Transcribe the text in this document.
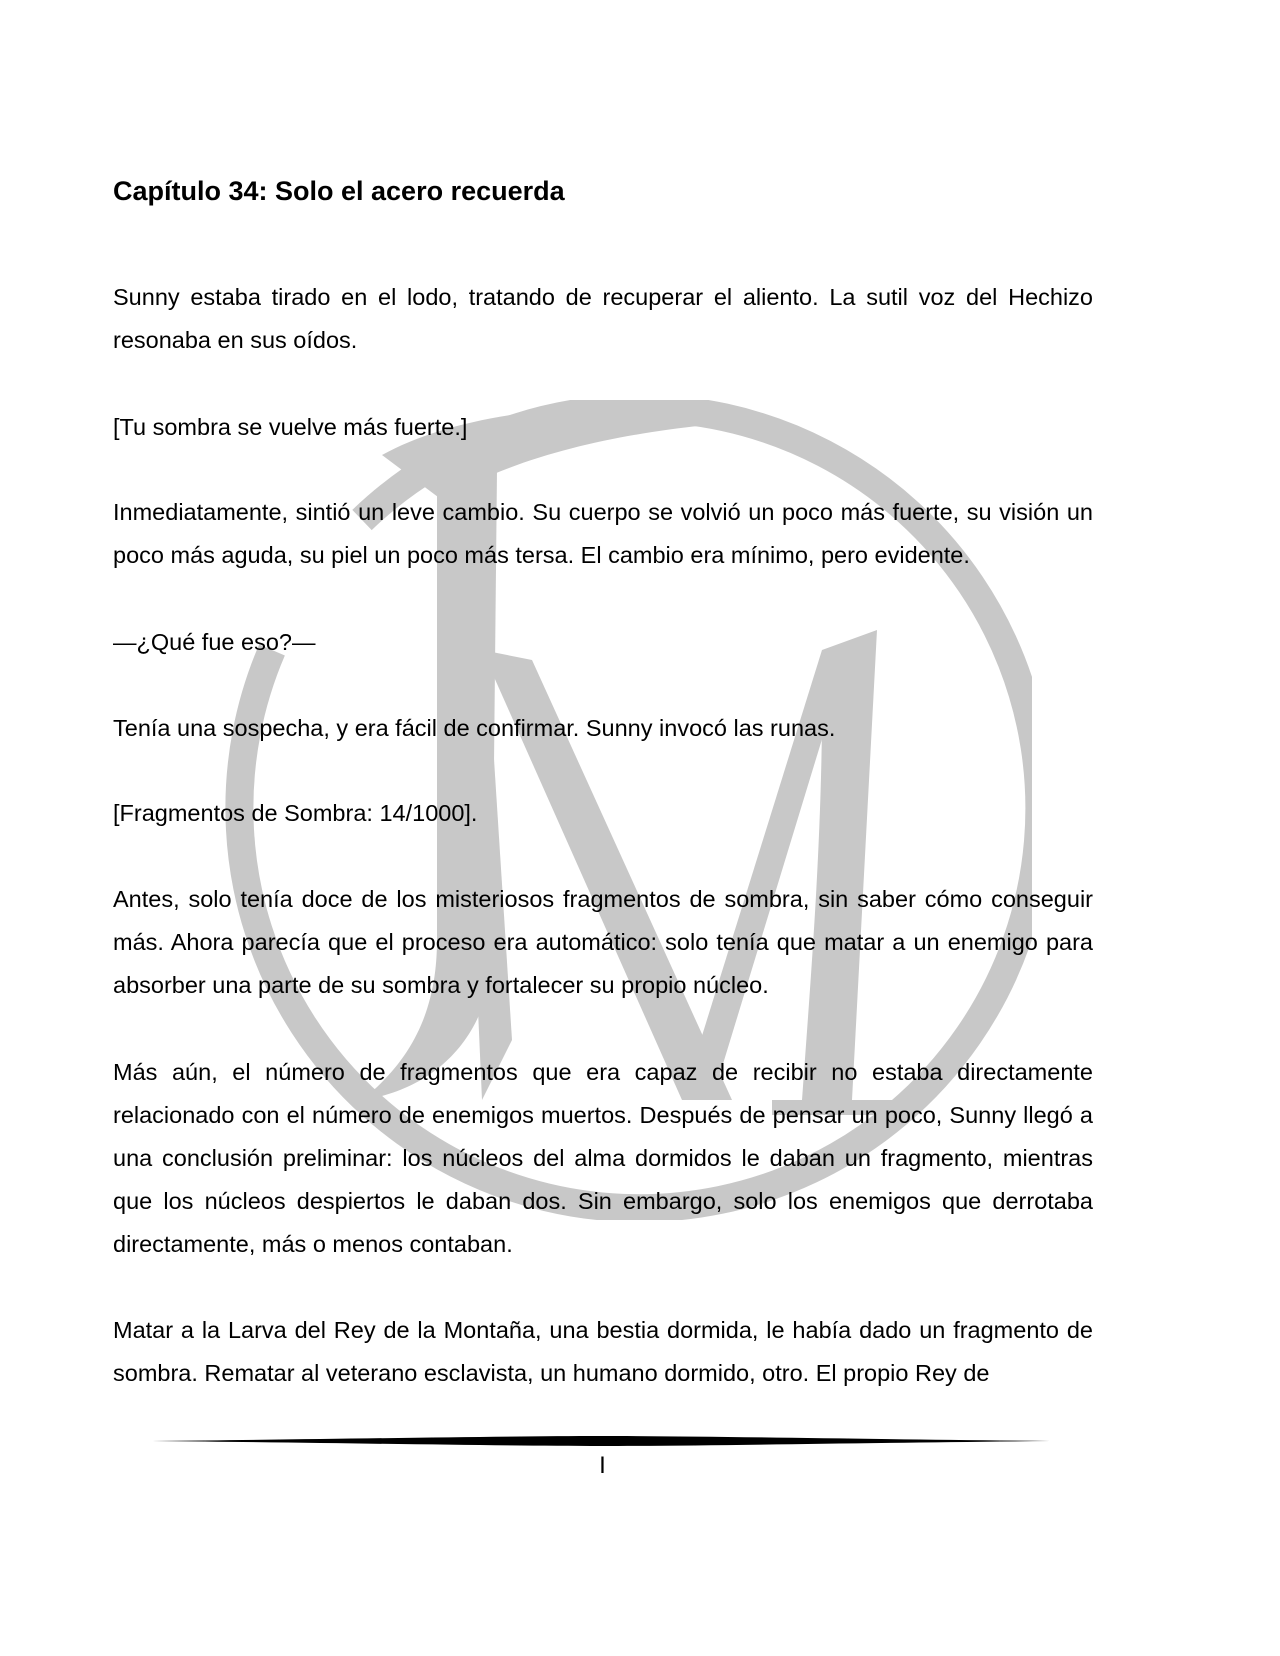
Capítulo 34: Solo el acero recuerda

Sunny estaba tirado en el lodo, tratando de recuperar el aliento. La sutil voz del Hechizo resonaba en sus oídos.

[Tu sombra se vuelve más fuerte.]

Inmediatamente, sintió un leve cambio. Su cuerpo se volvió un poco más fuerte, su visión un poco más aguda, su piel un poco más tersa. El cambio era mínimo, pero evidente.

—¿Qué fue eso?—

Tenía una sospecha, y era fácil de confirmar. Sunny invocó las runas.

[Fragmentos de Sombra: 14/1000].

Antes, solo tenía doce de los misteriosos fragmentos de sombra, sin saber cómo conseguir más. Ahora parecía que el proceso era automático: solo tenía que matar a un enemigo para absorber una parte de su sombra y fortalecer su propio núcleo.

Más aún, el número de fragmentos que era capaz de recibir no estaba directamente relacionado con el número de enemigos muertos. Después de pensar un poco, Sunny llegó a una conclusión preliminar: los núcleos del alma dormidos le daban un fragmento, mientras que los núcleos despiertos le daban dos. Sin embargo, solo los enemigos que derrotaba directamente, más o menos contaban.

Matar a la Larva del Rey de la Montaña, una bestia dormida, le había dado un fragmento de sombra. Rematar al veterano esclavista, un humano dormido, otro. El propio Rey de

I
